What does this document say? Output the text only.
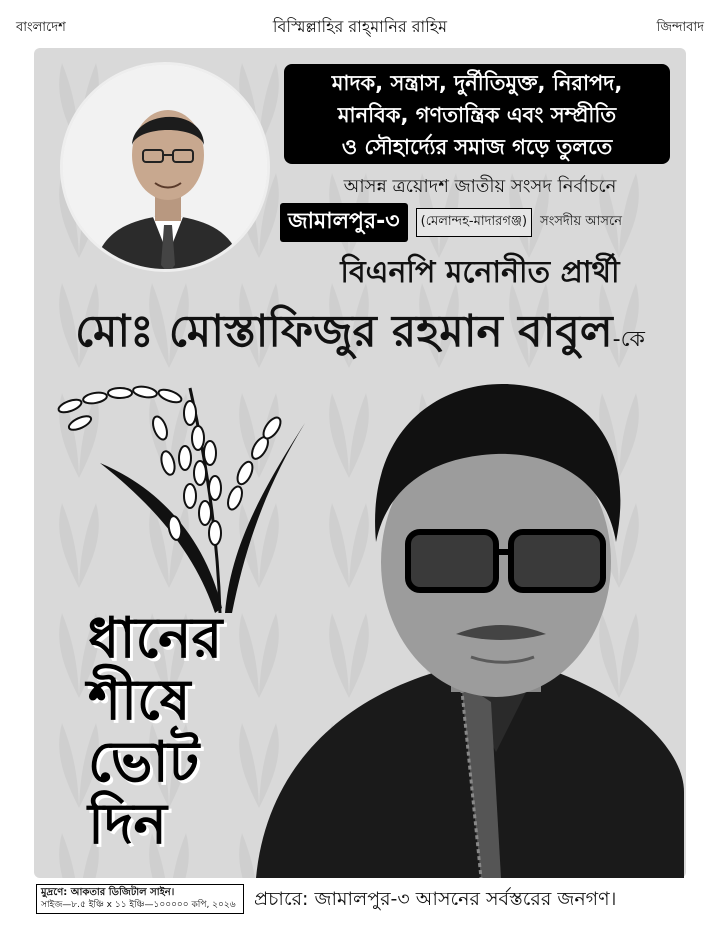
বাংলাদেশ	বিস্মিল্লাহির রাহ্‌মানির রাহিম	জিন্দাবাদ
মাদক, সন্ত্রাস, দুর্নীতিমুক্ত, নিরাপদ,
মানবিক, গণতান্ত্রিক এবং সম্প্রীতি
ও সৌহার্দ্যের সমাজ গড়ে তুলতে
আসন্ন ত্রয়োদশ জাতীয় সংসদ নির্বাচনে
জামালপুর-৩ (মেলান্দহ-মাদারগঞ্জ) সংসদীয় আসনে
বিএনপি মনোনীত প্রার্থী
মোঃ মোস্তাফিজুর রহমান বাবুল-কে
ধানের
শীষে
ভোট
দিন
মুদ্রণে: আকতার ডিজিটাল সাইন।
সাইজ—৮.৫ ইঞ্চি x ১১ ইঞ্চি—১০০০০০ কপি, ২০২৬ প্রচারে: জামালপুর-৩ আসনের সর্বস্তরের জনগণ।
